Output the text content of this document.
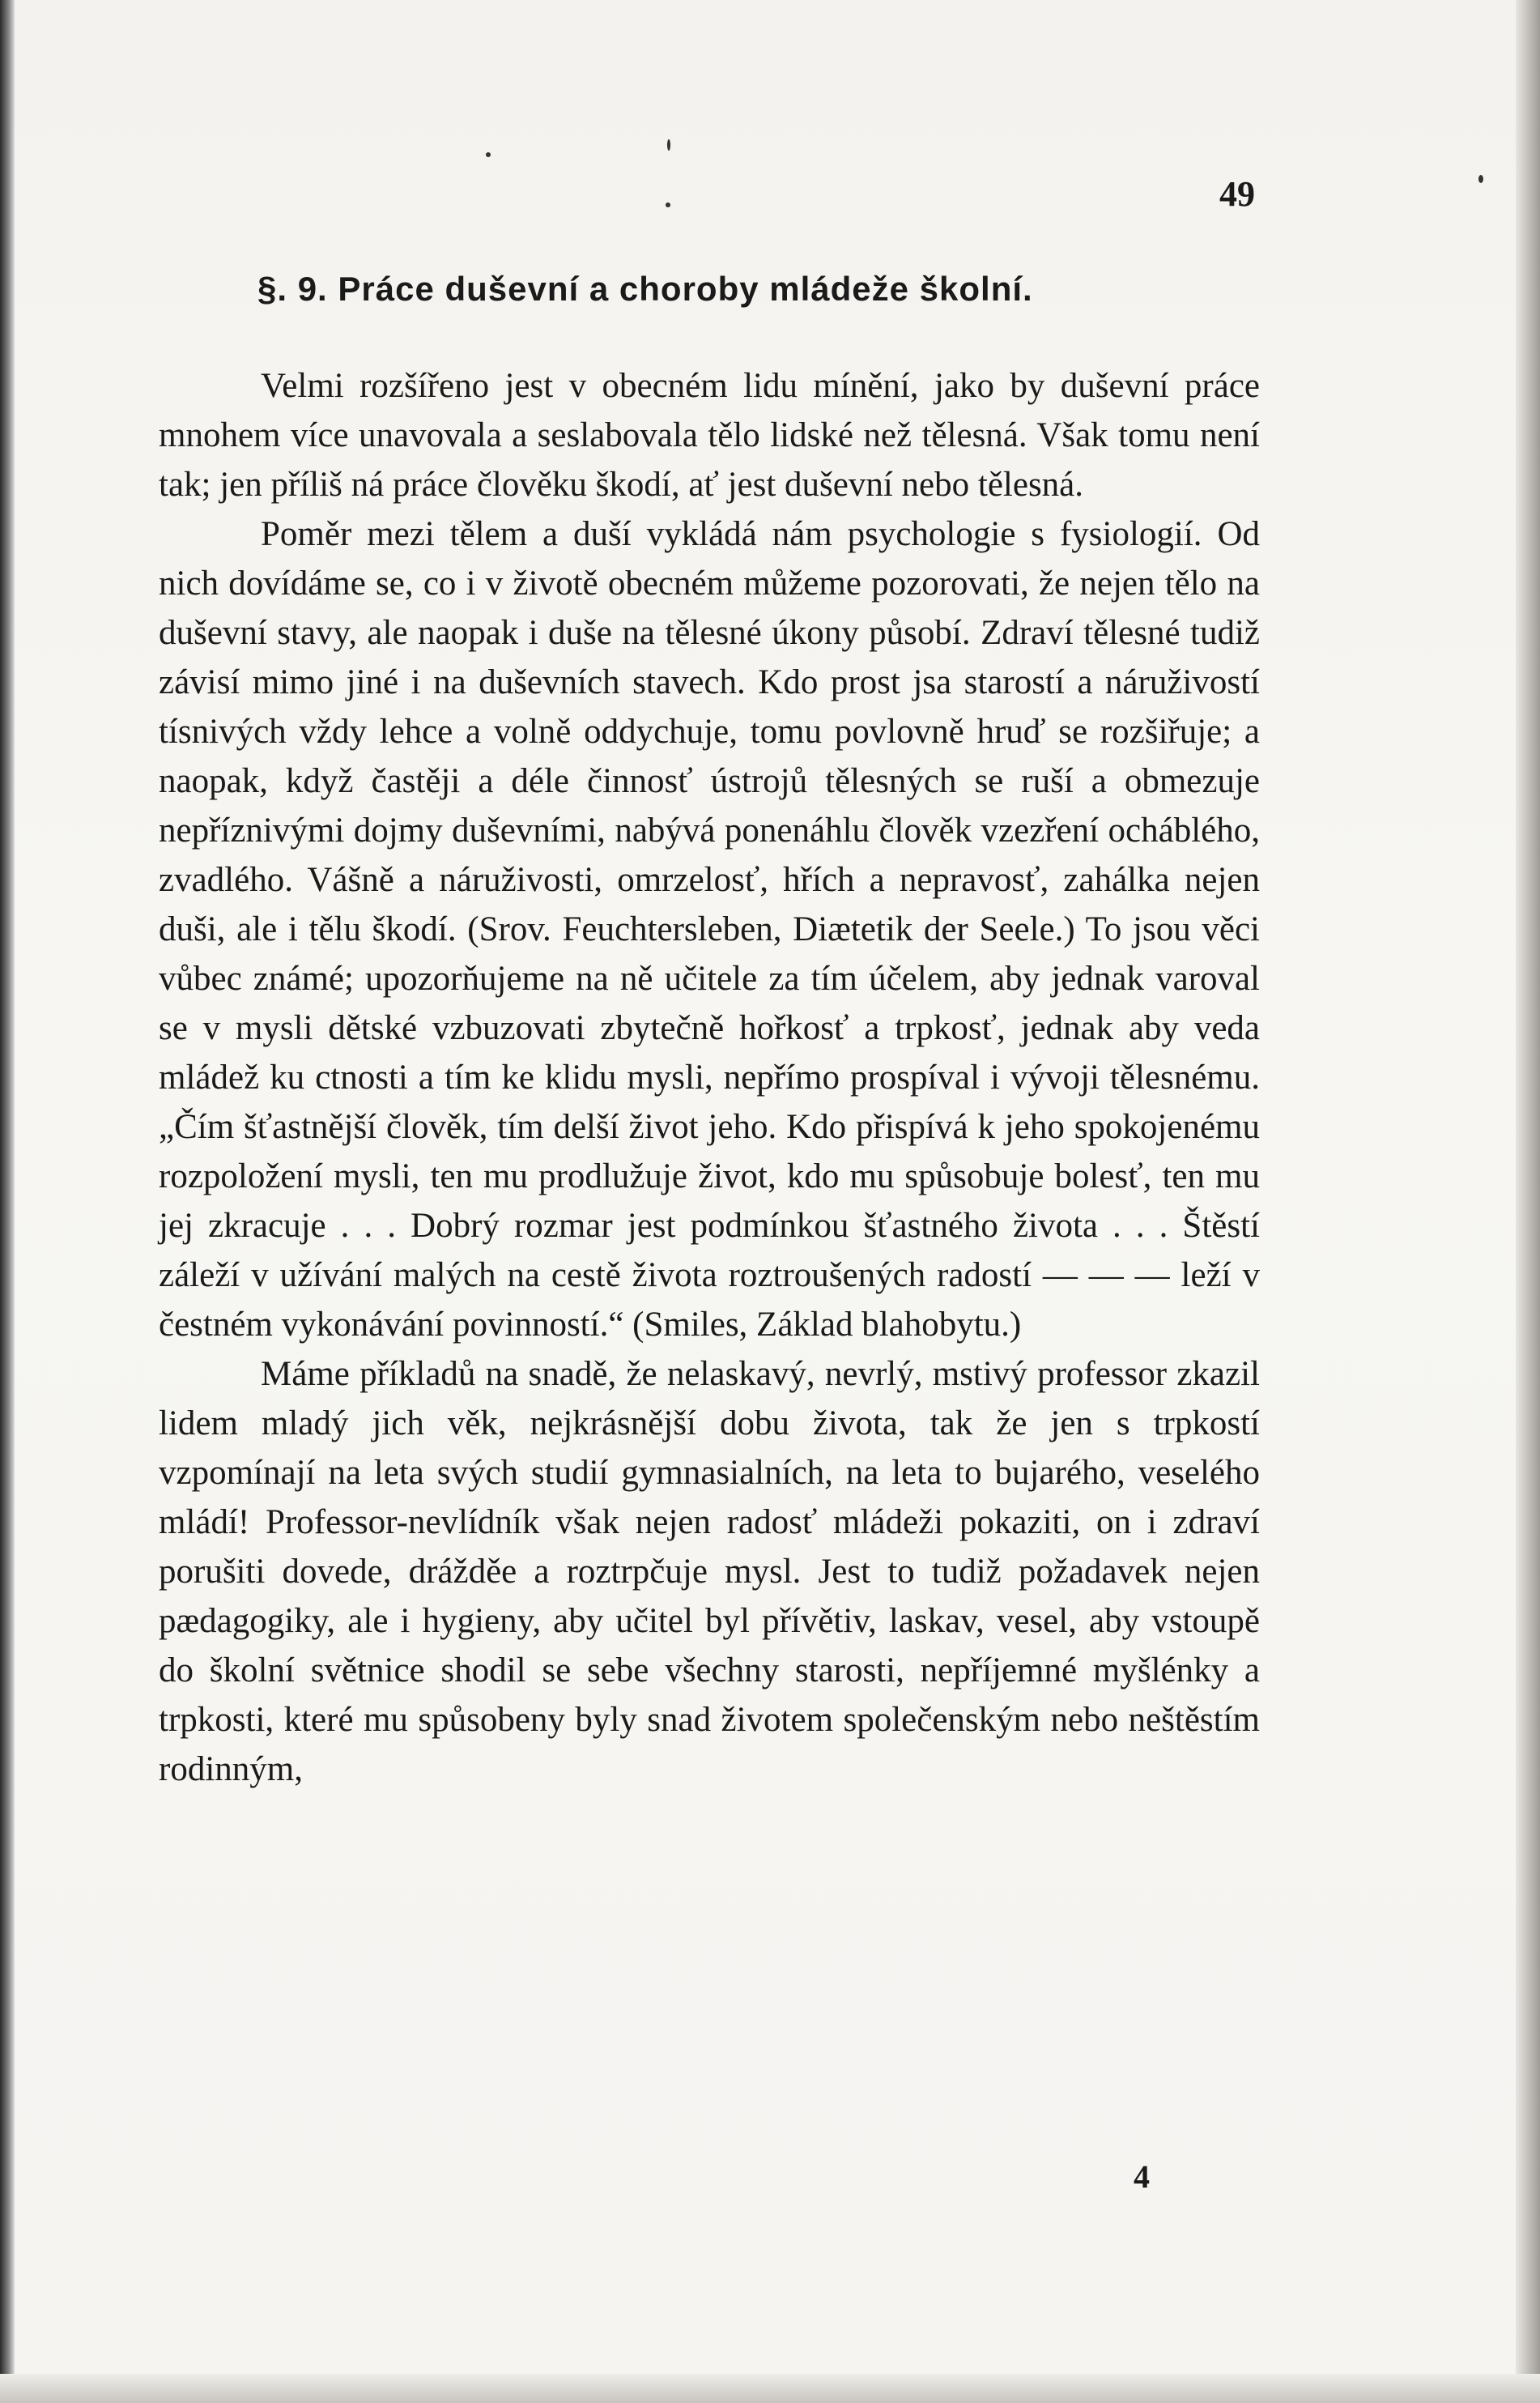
49
§. 9. Práce duševní a choroby mládeže školní.

Velmi rozšířeno jest v obecném lidu mínění, jako by duševní práce mnohem více unavovala a seslabovala tělo lidské než tělesná. Však tomu není tak; jen příliš ná práce člověku škodí, ať jest duševní nebo tělesná.

Poměr mezi tělem a duší vykládá nám psychologie s fysiologií. Od nich dovídáme se, co i v životě obecném můžeme pozorovati, že nejen tělo na duševní stavy, ale naopak i duše na tělesné úkony působí. Zdraví tělesné tudiž závisí mimo jiné i na duševních stavech. Kdo prost jsa starostí a náruživostí tísnivých vždy lehce a volně oddychuje, tomu povlovně hruď se rozšiřuje; a naopak, když častěji a déle činnosť ústrojů tělesných se ruší a obmezuje nepříznivými dojmy duševními, nabývá ponenáhlu člověk vzezření ocháblého, zvadlého. Vášně a náruživosti, omrzelosť, hřích a nepravosť, zahálka nejen duši, ale i tělu škodí. (Srov. Feuchtersleben, Diætetik der Seele.) To jsou věci vůbec známé; upozorňujeme na ně učitele za tím účelem, aby jednak varoval se v mysli dětské vzbuzovati zbytečně hořkosť a trpkosť, jednak aby veda mládež ku ctnosti a tím ke klidu mysli, nepřímo prospíval i vývoji tělesnému. „Čím šťastnější člověk, tím delší život jeho. Kdo přispívá k jeho spokojenému rozpoložení mysli, ten mu prodlužuje život, kdo mu spůsobuje bolesť, ten mu jej zkracuje . . . Dobrý rozmar jest podmínkou šťastného života . . . Štěstí záleží v užívání malých na cestě života roztroušených radostí — — — leží v čestném vykonávání povinností.“ (Smiles, Základ blahobytu.)

Máme příkladů na snadě, že nelaskavý, nevrlý, mstivý professor zkazil lidem mladý jich věk, nejkrásnější dobu života, tak že jen s trpkostí vzpomínají na leta svých studií gymnasialních, na leta to bujarého, veselého mládí! Professor-nevlídník však nejen radosť mládeži pokaziti, on i zdraví porušiti dovede, drážděe a roztrpčuje mysl. Jest to tudiž požadavek nejen pædagogiky, ale i hygieny, aby učitel byl přívětiv, laskav, vesel, aby vstoupě do školní světnice shodil se sebe všechny starosti, nepříjemné myšlénky a trpkosti, které mu spůsobeny byly snad životem společenským nebo neštěstím rodinným,

4
